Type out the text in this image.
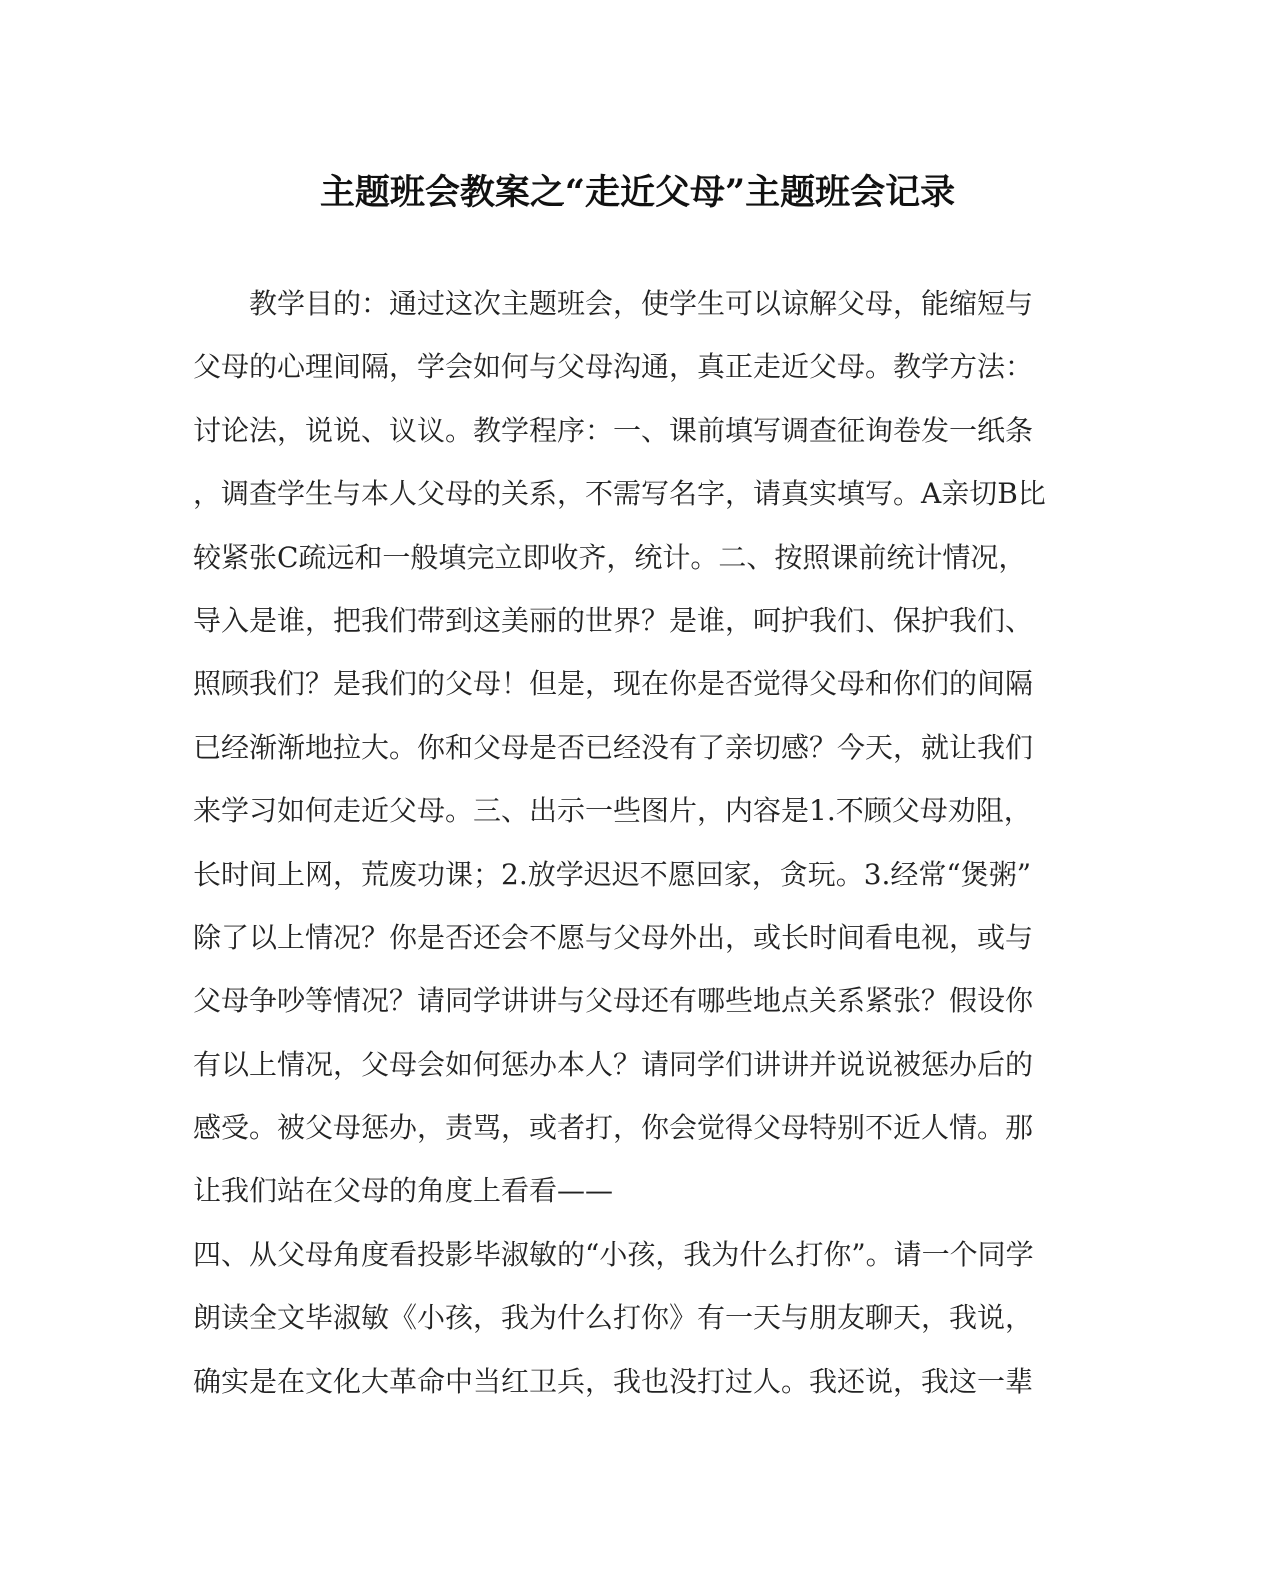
主题班会教案之“走近父母”主题班会记录
教学目的：通过这次主题班会，使学生可以谅解父母，能缩短与
父母的心理间隔，学会如何与父母沟通，真正走近父母。教学方法：
讨论法，说说、议议。教学程序：一、课前填写调查征询卷发一纸条
，调查学生与本人父母的关系，不需写名字，请真实填写。A亲切B比
较紧张C疏远和一般填完立即收齐，统计。二、按照课前统计情况，
导入是谁，把我们带到这美丽的世界？是谁，呵护我们、保护我们、
照顾我们？是我们的父母！但是，现在你是否觉得父母和你们的间隔
已经渐渐地拉大。你和父母是否已经没有了亲切感？今天，就让我们
来学习如何走近父母。三、出示一些图片，内容是1.不顾父母劝阻，
长时间上网，荒废功课；2.放学迟迟不愿回家，贪玩。3.经常“煲粥”
除了以上情况？你是否还会不愿与父母外出，或长时间看电视，或与
父母争吵等情况？请同学讲讲与父母还有哪些地点关系紧张？假设你
有以上情况，父母会如何惩办本人？请同学们讲讲并说说被惩办后的
感受。被父母惩办，责骂，或者打，你会觉得父母特别不近人情。那
让我们站在父母的角度上看看——
四、从父母角度看投影毕淑敏的“小孩，我为什么打你”。请一个同学
朗读全文毕淑敏《小孩，我为什么打你》有一天与朋友聊天，我说，
确实是在文化大革命中当红卫兵，我也没打过人。我还说，我这一辈
